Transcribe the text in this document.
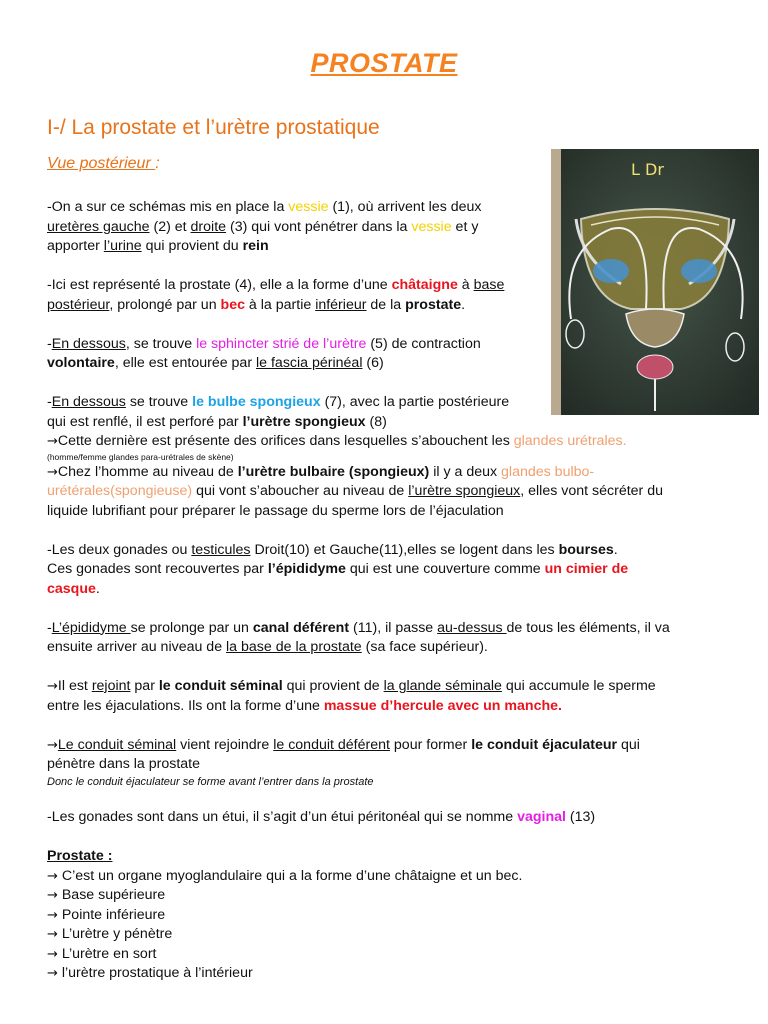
PROSTATE
I-/ La prostate et l’urètre prostatique
Vue postérieur :	L Dr

-On a sur ce schémas mis en place la vessie (1), où arrivent les deux

uretères gauche (2) et droite (3) qui vont pénétrer dans la vessie et y

apporter l’urine qui provient du rein

-Ici est représenté la prostate (4), elle a la forme d’une châtaigne à base

postérieur, prolongé par un bec à la partie inférieur de la prostate.

-En dessous, se trouve le sphincter strié de l’urètre (5) de contraction

volontaire, elle est entourée par le fascia périnéal (6)

-En dessous se trouve le bulbe spongieux (7), avec la partie postérieure

qui est renflé, il est perforé par l’urètre spongieux (8)

→Cette dernière est présente des orifices dans lesquelles s’abouchent les glandes urétrales.

(homme/femme glandes para-urétrales de skène)

→Chez l’homme au niveau de l’urètre bulbaire (spongieux) il y a deux glandes bulbo-

urétérales(spongieuse) qui vont s’aboucher au niveau de l’urètre spongieux, elles vont sécréter du

liquide lubrifiant pour préparer le passage du sperme lors de l’éjaculation

-Les deux gonades ou testicules Droit(10) et Gauche(11),elles se logent dans les bourses.

Ces gonades sont recouvertes par l’épididyme qui est une couverture comme un cimier de

casque.

-L’épididyme se prolonge par un canal déférent (11), il passe au-dessus de tous les éléments, il va

ensuite arriver au niveau de la base de la prostate (sa face supérieur).

→Il est rejoint par le conduit séminal qui provient de la glande séminale qui accumule le sperme

entre les éjaculations. Ils ont la forme d’une massue d’hercule avec un manche.

→Le conduit séminal vient rejoindre le conduit déférent pour former le conduit éjaculateur qui

pénètre dans la prostate

Donc le conduit éjaculateur se forme avant l’entrer dans la prostate

-Les gonades sont dans un étui, il s’agit d’un étui péritonéal qui se nomme vaginal (13)

Prostate :

→ C’est un organe myoglandulaire qui a la forme d’une châtaigne et un bec.

→ Base supérieure

→ Pointe inférieure

→ L’urètre y pénètre

→ L’urètre en sort

→ l’urètre prostatique à l’intérieur
